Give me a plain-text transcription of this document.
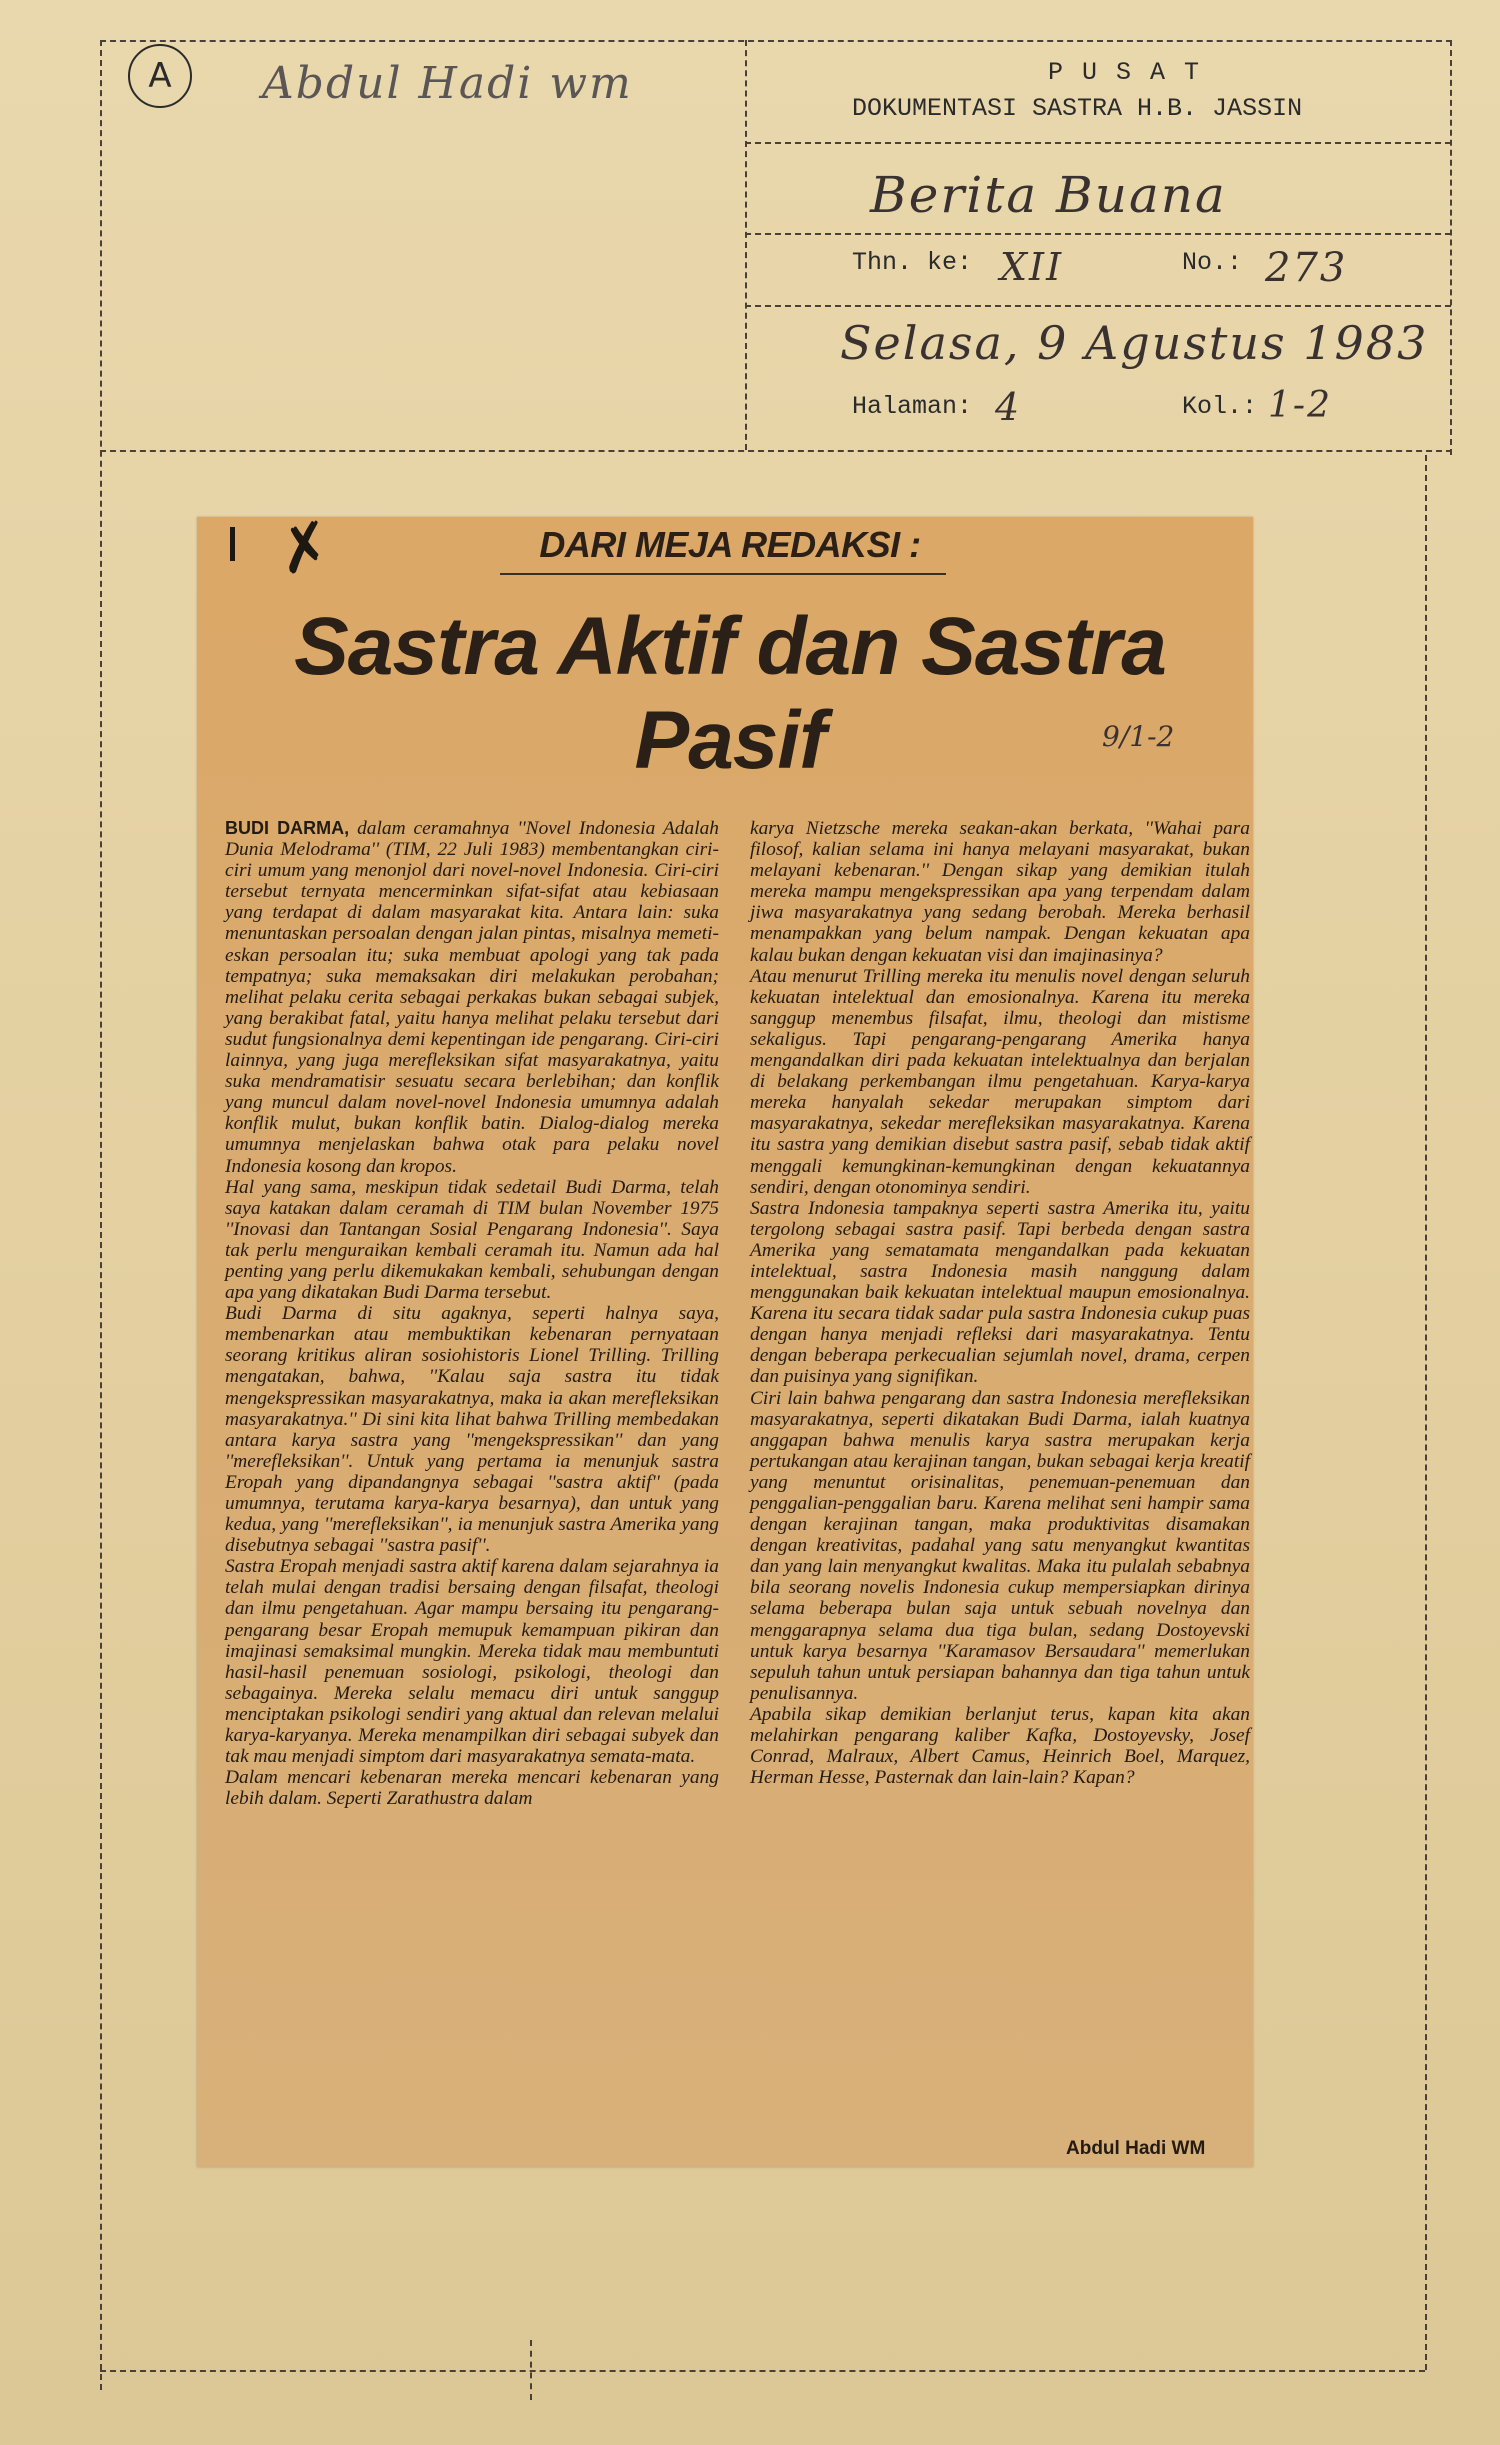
A	Abdul Hadi wm	P U S A T
DOKUMENTASI SASTRA H.B. JASSIN
Berita Buana
Thn. ke: XII	No.: 273
Selasa, 9 Agustus 1983
Halaman: 4	Kol.: 1-2
✗	DARI MEJA REDAKSI :
Sastra Aktif dan Sastra
Pasif	9/1-2
BUDI DARMA, dalam ceramahnya ''Novel Indonesia Adalah Dunia Melodrama'' (TIM, 22 Juli 1983) membentangkan ciri-ciri umum yang menonjol dari novel-novel Indonesia. Ciri-ciri tersebut ternyata mencerminkan sifat-sifat atau kebiasaan yang terdapat di dalam masyarakat kita. Antara lain: suka menuntaskan persoalan dengan jalan pintas, misalnya memeti-eskan persoalan itu; suka membuat apologi yang tak pada tempatnya; suka memaksakan diri melakukan perobahan; melihat pelaku cerita sebagai perkakas bukan sebagai subjek, yang berakibat fatal, yaitu hanya melihat pelaku tersebut dari sudut fungsionalnya demi kepentingan ide pengarang. Ciri-ciri lainnya, yang juga merefleksikan sifat masyarakatnya, yaitu suka mendramatisir sesuatu secara berlebihan; dan konflik yang muncul dalam novel-novel Indonesia umumnya adalah konflik mulut, bukan konflik batin. Dialog-dialog mereka umumnya menjelaskan bahwa otak para pelaku novel Indonesia kosong dan kropos.
Hal yang sama, meskipun tidak sedetail Budi Darma, telah saya katakan dalam ceramah di TIM bulan November 1975 ''Inovasi dan Tantangan Sosial Pengarang Indonesia''. Saya tak perlu menguraikan kembali ceramah itu. Namun ada hal penting yang perlu dikemukakan kembali, sehubungan dengan apa yang dikatakan Budi Darma tersebut.
Budi Darma di situ agaknya, seperti halnya saya, membenarkan atau membuktikan kebenaran pernyataan seorang kritikus aliran sosiohistoris Lionel Trilling. Trilling mengatakan, bahwa, ''Kalau saja sastra itu tidak mengekspressikan masyarakatnya, maka ia akan merefleksikan masyarakatnya.'' Di sini kita lihat bahwa Trilling membedakan antara karya sastra yang ''mengekspressikan'' dan yang ''merefleksikan''. Untuk yang pertama ia menunjuk sastra Eropah yang dipandangnya sebagai ''sastra aktif'' (pada umumnya, terutama karya-karya besarnya), dan untuk yang kedua, yang ''merefleksikan'', ia menunjuk sastra Amerika yang disebutnya sebagai ''sastra pasif''.
Sastra Eropah menjadi sastra aktif karena dalam sejarahnya ia telah mulai dengan tradisi bersaing dengan filsafat, theologi dan ilmu pengetahuan. Agar mampu bersaing itu pengarang-pengarang besar Eropah memupuk kemampuan pikiran dan imajinasi semaksimal mungkin. Mereka tidak mau membuntuti hasil-hasil penemuan sosiologi, psikologi, theologi dan sebagainya. Mereka selalu memacu diri untuk sanggup menciptakan psikologi sendiri yang aktual dan relevan melalui karya-karyanya. Mereka menampilkan diri sebagai subyek dan tak mau menjadi simptom dari masyarakatnya semata-mata.
Dalam mencari kebenaran mereka mencari kebenaran yang lebih dalam. Seperti Zarathustra dalam
karya Nietzsche mereka seakan-akan berkata, ''Wahai para filosof, kalian selama ini hanya melayani masyarakat, bukan melayani kebenaran.'' Dengan sikap yang demikian itulah mereka mampu mengekspressikan apa yang terpendam dalam jiwa masyarakatnya yang sedang berobah. Mereka berhasil menampakkan yang belum nampak. Dengan kekuatan apa kalau bukan dengan kekuatan visi dan imajinasinya?
Atau menurut Trilling mereka itu menulis novel dengan seluruh kekuatan intelektual dan emosionalnya. Karena itu mereka sanggup menembus filsafat, ilmu, theologi dan mistisme sekaligus. Tapi pengarang-pengarang Amerika hanya mengandalkan diri pada kekuatan intelektualnya dan berjalan di belakang perkembangan ilmu pengetahuan. Karya-karya mereka hanyalah sekedar merupakan simptom dari masyarakatnya, sekedar merefleksikan masyarakatnya. Karena itu sastra yang demikian disebut sastra pasif, sebab tidak aktif menggali kemungkinan-kemungkinan dengan kekuatannya sendiri, dengan otonominya sendiri.
Sastra Indonesia tampaknya seperti sastra Amerika itu, yaitu tergolong sebagai sastra pasif. Tapi berbeda dengan sastra Amerika yang sematamata mengandalkan pada kekuatan intelektual, sastra Indonesia masih nanggung dalam menggunakan baik kekuatan intelektual maupun emosionalnya. Karena itu secara tidak sadar pula sastra Indonesia cukup puas dengan hanya menjadi refleksi dari masyarakatnya. Tentu dengan beberapa perkecualian sejumlah novel, drama, cerpen dan puisinya yang signifikan.
Ciri lain bahwa pengarang dan sastra Indonesia merefleksikan masyarakatnya, seperti dikatakan Budi Darma, ialah kuatnya anggapan bahwa menulis karya sastra merupakan kerja pertukangan atau kerajinan tangan, bukan sebagai kerja kreatif yang menuntut orisinalitas, penemuan-penemuan dan penggalian-penggalian baru. Karena melihat seni hampir sama dengan kerajinan tangan, maka produktivitas disamakan dengan kreativitas, padahal yang satu menyangkut kwantitas dan yang lain menyangkut kwalitas. Maka itu pulalah sebabnya bila seorang novelis Indonesia cukup mempersiapkan dirinya selama beberapa bulan saja untuk sebuah novelnya dan menggarapnya selama dua tiga bulan, sedang Dostoyevski untuk karya besarnya ''Karamasov Bersaudara'' memerlukan sepuluh tahun untuk persiapan bahannya dan tiga tahun untuk penulisannya.
Apabila sikap demikian berlanjut terus, kapan kita akan melahirkan pengarang kaliber Kafka, Dostoyevsky, Josef Conrad, Malraux, Albert Camus, Heinrich Boel, Marquez, Herman Hesse, Pasternak dan lain-lain? Kapan?
Abdul Hadi WM
